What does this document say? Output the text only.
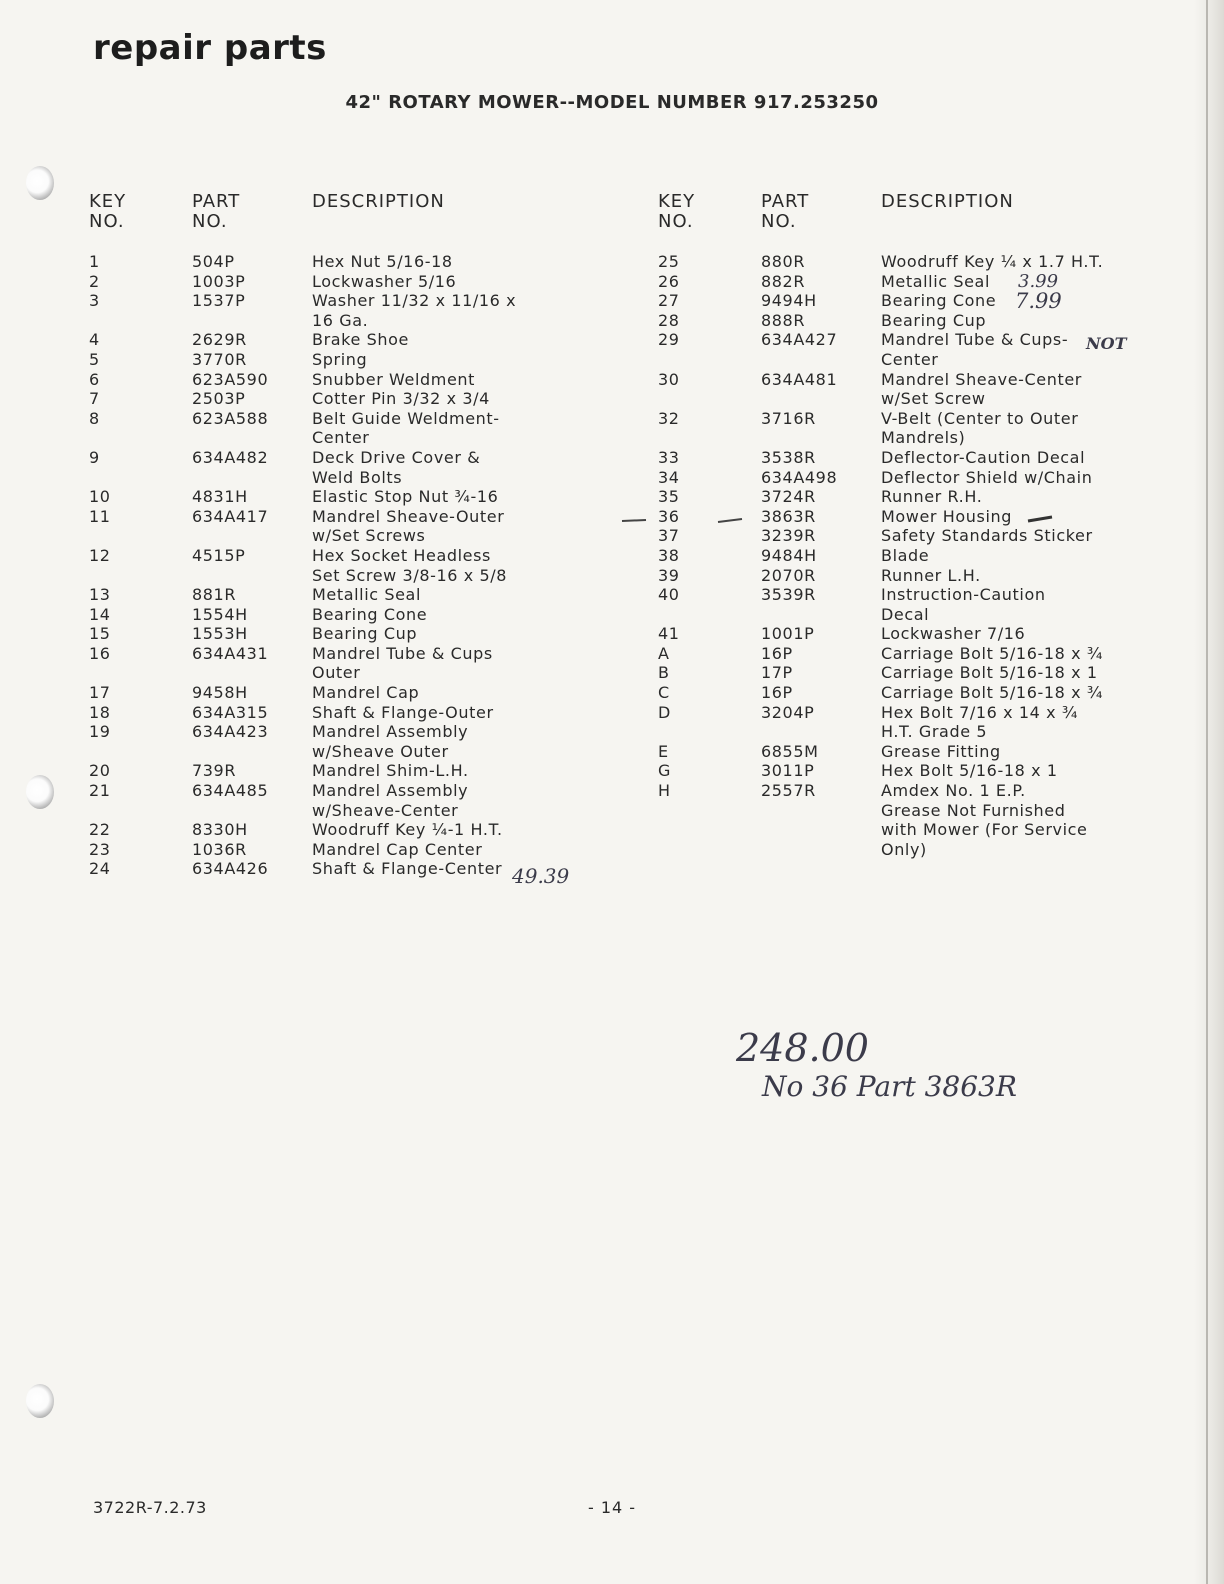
repair parts
42" ROTARY MOWER--MODEL NUMBER 917.253250
KEY
NO.	PART
NO.	DESCRIPTION
1	504P	Hex Nut 5/16-18
2	1003P	Lockwasher 5/16
3	1537P	Washer 11/32 x 11/16 x
16 Ga.
4	2629R	Brake Shoe
5	3770R	Spring
6	623A590	Snubber Weldment
7	2503P	Cotter Pin 3/32 x 3/4
8	623A588	Belt Guide Weldment-
Center
9	634A482	Deck Drive Cover &
Weld Bolts
10	4831H	Elastic Stop Nut ¾-16
11	634A417	Mandrel Sheave-Outer
w/Set Screws
12	4515P	Hex Socket Headless
Set Screw 3/8-16 x 5/8
13	881R	Metallic Seal
14	1554H	Bearing Cone
15	1553H	Bearing Cup
16	634A431	Mandrel Tube & Cups
Outer
17	9458H	Mandrel Cap
18	634A315	Shaft & Flange-Outer
19	634A423	Mandrel Assembly
w/Sheave Outer
20	739R	Mandrel Shim-L.H.
21	634A485	Mandrel Assembly
w/Sheave-Center
22	8330H	Woodruff Key ¼-1 H.T.
23	1036R	Mandrel Cap Center
24	634A426	Shaft & Flange-Center
KEY
NO.	PART
NO.	DESCRIPTION
25	880R	Woodruff Key ¼ x 1.7 H.T.
26	882R	Metallic Seal
27	9494H	Bearing Cone
28	888R	Bearing Cup
29	634A427	Mandrel Tube & Cups-
Center
30	634A481	Mandrel Sheave-Center
w/Set Screw
32	3716R	V-Belt (Center to Outer
Mandrels)
33	3538R	Deflector-Caution Decal
34	634A498	Deflector Shield w/Chain
35	3724R	Runner R.H.
36	3863R	Mower Housing
37	3239R	Safety Standards Sticker
38	9484H	Blade
39	2070R	Runner L.H.
40	3539R	Instruction-Caution
Decal
41	1001P	Lockwasher 7/16
A	16P	Carriage Bolt 5/16-18 x ¾
B	17P	Carriage Bolt 5/16-18 x 1
C	16P	Carriage Bolt 5/16-18 x ¾
D	3204P	Hex Bolt 7/16 x 14 x ¾
H.T. Grade 5
E	6855M	Grease Fitting
G	3011P	Hex Bolt 5/16-18 x 1
H	2557R	Amdex No. 1 E.P.
Grease Not Furnished
with Mower (For Service
Only)
3.99
7.99
NOT
49.39
248.00
No 36 Part 3863R
3722R-7.2.73	- 14 -
